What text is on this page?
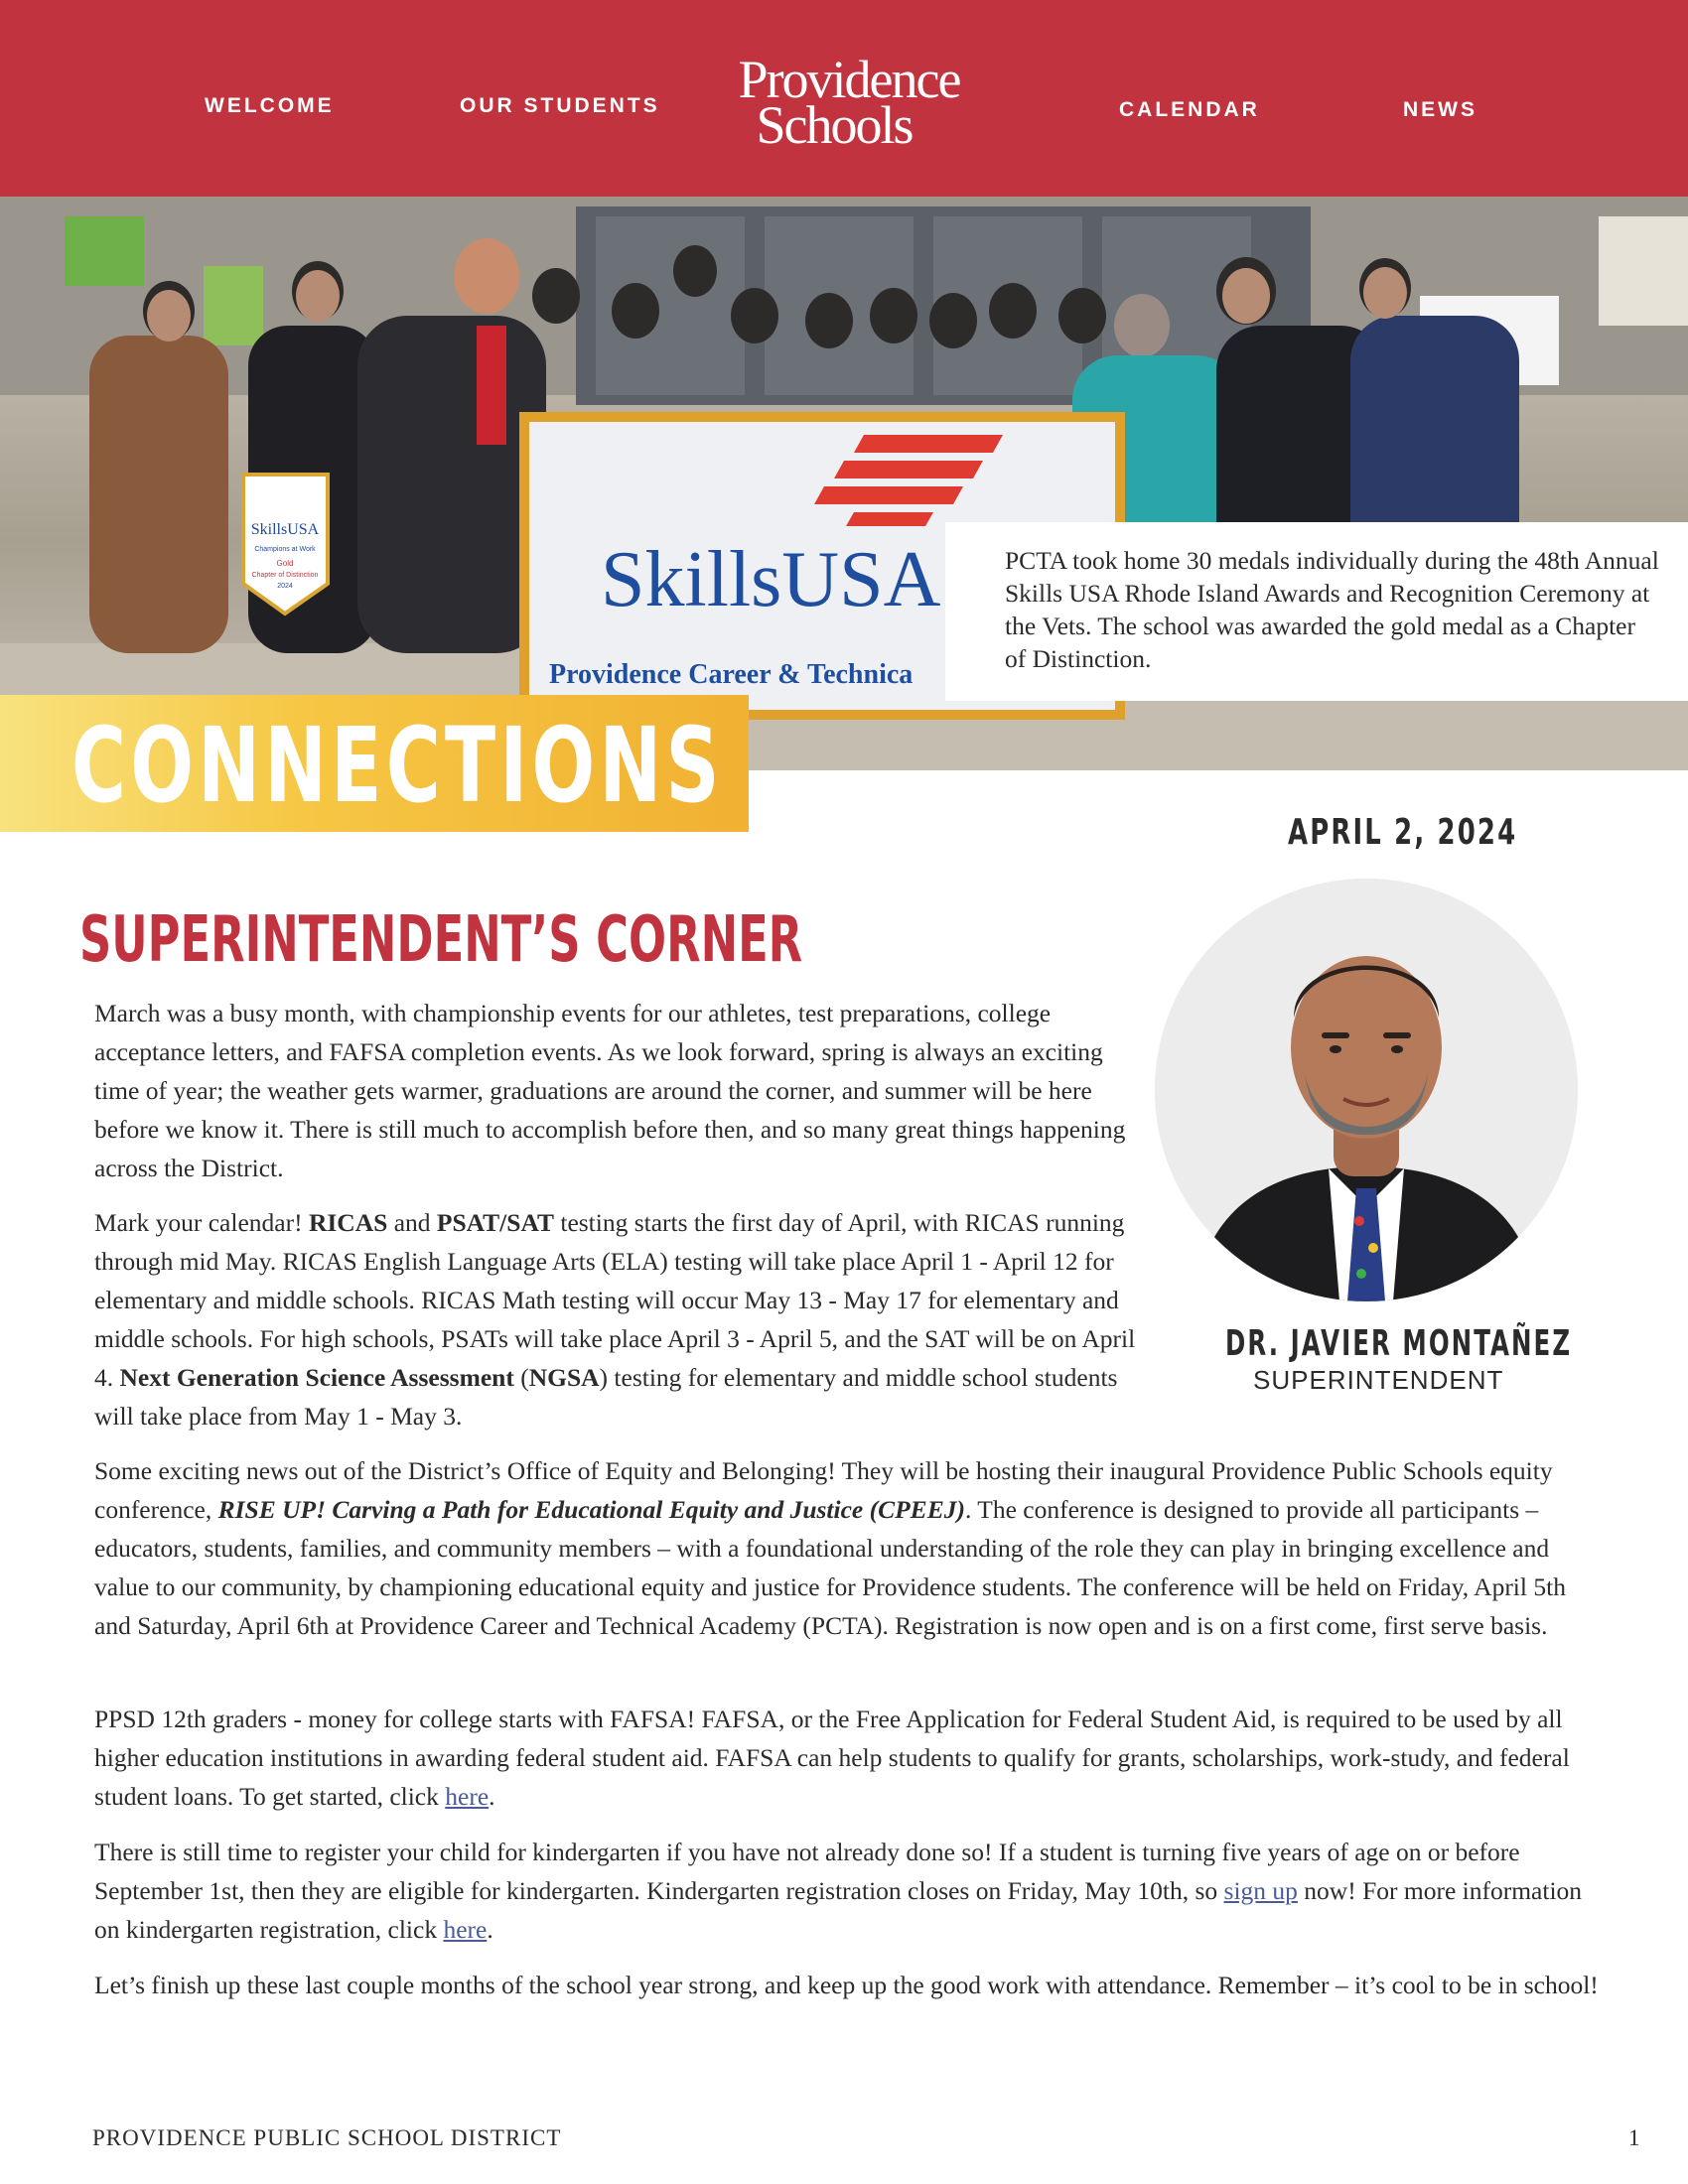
WELCOME	OUR STUDENTS	Providence
Schools	CALENDAR	NEWS
SkillsUSA
Champions at Work
Gold
Chapter of Distinction
2024	SkillsUSA
Providence Career & Technica
PCTA took home 30 medals individually during the 48th Annual Skills USA Rhode Island Awards and Recognition Ceremony at the Vets. The school was awarded the gold medal as a Chapter of Distinction.
CONNECTIONS
APRIL 2, 2024
SUPERINTENDENT’S CORNER

March was a busy month, with championship events for our athletes, test preparations, college acceptance letters, and FAFSA completion events. As we look forward, spring is always an exciting time of year; the weather gets warmer, graduations are around the corner, and summer will be here before we know it. There is still much to accomplish before then, and so many great things happening across the District.

Mark your calendar! RICAS and PSAT/SAT testing starts the first day of April, with RICAS running through mid May. RICAS English Language Arts (ELA) testing will take place April 1 - April 12 for elementary and middle schools. RICAS Math testing will occur May 13 - May 17 for elementary and middle schools. For high schools, PSATs will take place April 3 - April 5, and the SAT will be on April 4. Next Generation Science Assessment (NGSA) testing for elementary and middle school students will take place from May 1 - May 3.

Some exciting news out of the District’s Office of Equity and Belonging! They will be hosting their inaugural Providence Public Schools equity conference, RISE UP! Carving a Path for Educational Equity and Justice (CPEEJ). The conference is designed to provide all participants – educators, students, families, and community members – with a foundational understanding of the role they can play in bringing excellence and value to our community, by championing educational equity and justice for Providence students. The conference will be held on Friday, April 5th and Saturday, April 6th at Providence Career and Technical Academy (PCTA). Registration is now open and is on a first come, first serve basis.

PPSD 12th graders - money for college starts with FAFSA! FAFSA, or the Free Application for Federal Student Aid, is required to be used by all higher education institutions in awarding federal student aid. FAFSA can help students to qualify for grants, scholarships, work-study, and federal student loans. To get started, click here.

There is still time to register your child for kindergarten if you have not already done so! If a student is turning five years of age on or before September 1st, then they are eligible for kindergarten. Kindergarten registration closes on Friday, May 10th, so sign up now! For more information on kindergarten registration, click here.

Let’s finish up these last couple months of the school year strong, and keep up the good work with attendance. Remember – it’s cool to be in school!

DR. JAVIER MONTAÑEZ
SUPERINTENDENT
PROVIDENCE PUBLIC SCHOOL DISTRICT	1
